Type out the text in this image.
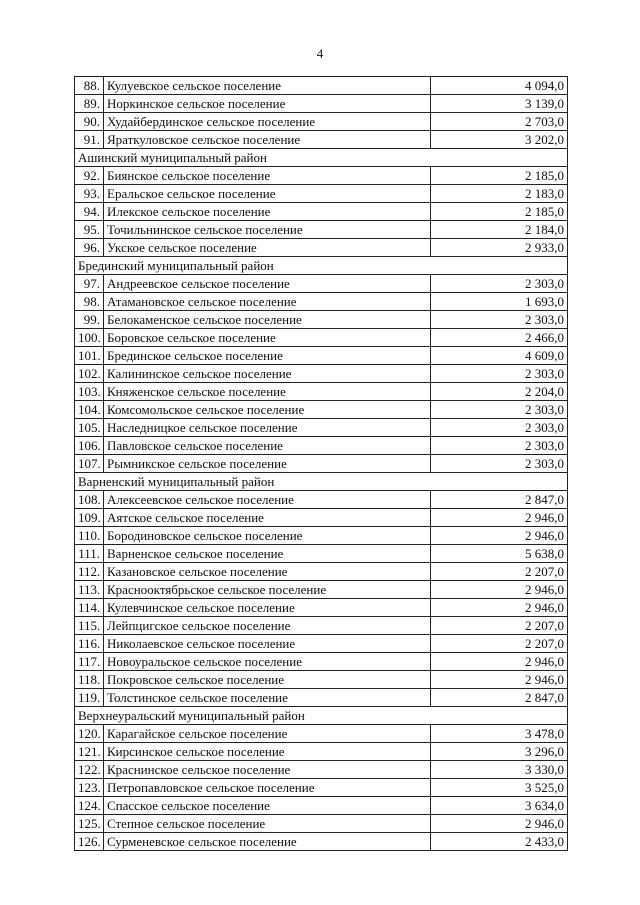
4
88.	Кулуевское сельское поселение	4 094,0
89.	Норкинское сельское поселение	3 139,0
90.	Худайбердинское сельское поселение	2 703,0
91.	Яраткуловское сельское поселение	3 202,0
Ашинский муниципальный район		
92.	Биянское сельское поселение	2 185,0
93.	Еральское сельское поселение	2 183,0
94.	Илекское сельское поселение	2 185,0
95.	Точильнинское сельское поселение	2 184,0
96.	Укское сельское поселение	2 933,0
Брединский муниципальный район		
97.	Андреевское сельское поселение	2 303,0
98.	Атамановское сельское поселение	1 693,0
99.	Белокаменское сельское поселение	2 303,0
100.	Боровское сельское поселение	2 466,0
101.	Брединское сельское поселение	4 609,0
102.	Калининское сельское поселение	2 303,0
103.	Княженское сельское поселение	2 204,0
104.	Комсомольское сельское поселение	2 303,0
105.	Наследницкое сельское поселение	2 303,0
106.	Павловское сельское поселение	2 303,0
107.	Рымникское сельское поселение	2 303,0
Варненский муниципальный район		
108.	Алексеевское сельское поселение	2 847,0
109.	Аятское сельское поселение	2 946,0
110.	Бородиновское сельское поселение	2 946,0
111.	Варненское сельское поселение	5 638,0
112.	Казановское сельское поселение	2 207,0
113.	Краснооктябрьское сельское поселение	2 946,0
114.	Кулевчинское сельское поселение	2 946,0
115.	Лейпцигское сельское поселение	2 207,0
116.	Николаевское сельское поселение	2 207,0
117.	Новоуральское сельское поселение	2 946,0
118.	Покровское сельское поселение	2 946,0
119.	Толстинское сельское поселение	2 847,0
Верхнеуральский муниципальный район		
120.	Карагайское сельское поселение	3 478,0
121.	Кирсинское сельское поселение	3 296,0
122.	Краснинское сельское поселение	3 330,0
123.	Петропавловское сельское поселение	3 525,0
124.	Спасское сельское поселение	3 634,0
125.	Степное сельское поселение	2 946,0
126.	Сурменевское сельское поселение	2 433,0
